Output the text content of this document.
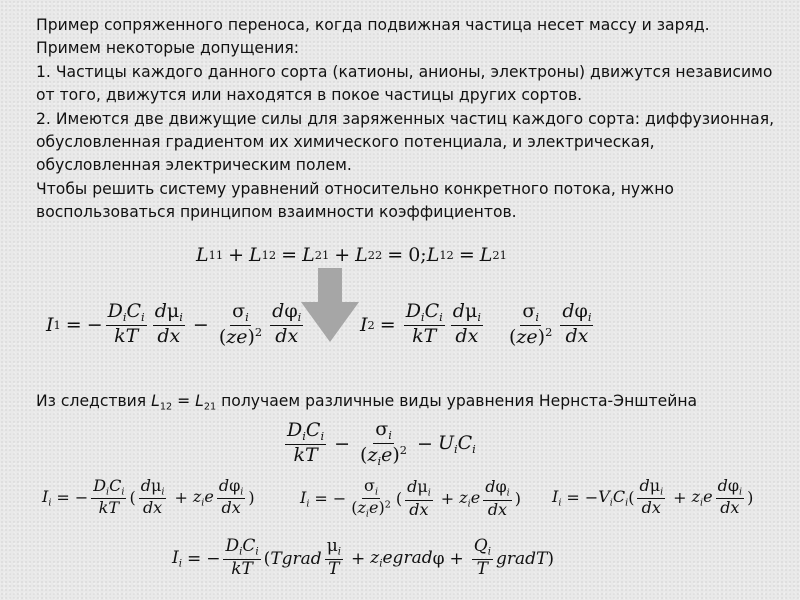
Пример сопряженного переноса, когда подвижная частица несет массу и заряд. Примем некоторые допущения:

1. Частицы каждого данного сорта (катионы, анионы, электроны) движутся независимо от того, движутся или находятся в покое частицы других сортов.

2. Имеются две движущие силы для заряженных частиц каждого сорта: диффузионная, обусловленная градиентом их химического потенциала, и электрическая, обусловленная электрическим полем.

Чтобы решить систему уравнений относительно конкретного потока, нужно воспользоваться принципом взаимности коэффициентов.

L 11 + L 12 = L 21 + L 22 = 0; L 12 = L 21
I 1 = − $\frac{D_iC_i}{kT} \frac{d\mu_i}{dx} - \frac{\sigma_i}{(ze)^2} \frac{d\varphi_i}{dx}$	I $2 = \frac{D_iC_i}{kT} \frac{d\mu_i}{dx} \frac{\sigma_i}{(ze)^2} \frac{d\varphi_i}{dx}$
Из следствия $L_{12} = L_{21}$ получаем различные виды уравнения Нернста-Энштейна
$\frac{D_iC_i}{kT} - \frac{\sigma_i}{(z_ie)^2} - U_iC_i$
$I_i$ = − $\frac{D_iC_i}{kT}$ ( $\frac{d\mu_i}{dx} + z_ie \frac{d\varphi_i}{dx}$ )	$I_i$ = − $\frac{\sigma_i}{(z_ie)^2}$ ( $\frac{d\mu_i}{dx} + z_ie \frac{d\varphi_i}{dx}$ ) $I_i$ = − $V_iC_i$ ( $\frac{d\mu_i}{dx} + z_ie \frac{d\varphi_i}{dx}$ )
$I_i$ = − $\frac{D_iC_i}{kT}$ ( Tgrad $\frac{\mu_i}{T}$ + $z_iegrad$ $\varphi + \frac{Q_i}{T}$ gradT )
